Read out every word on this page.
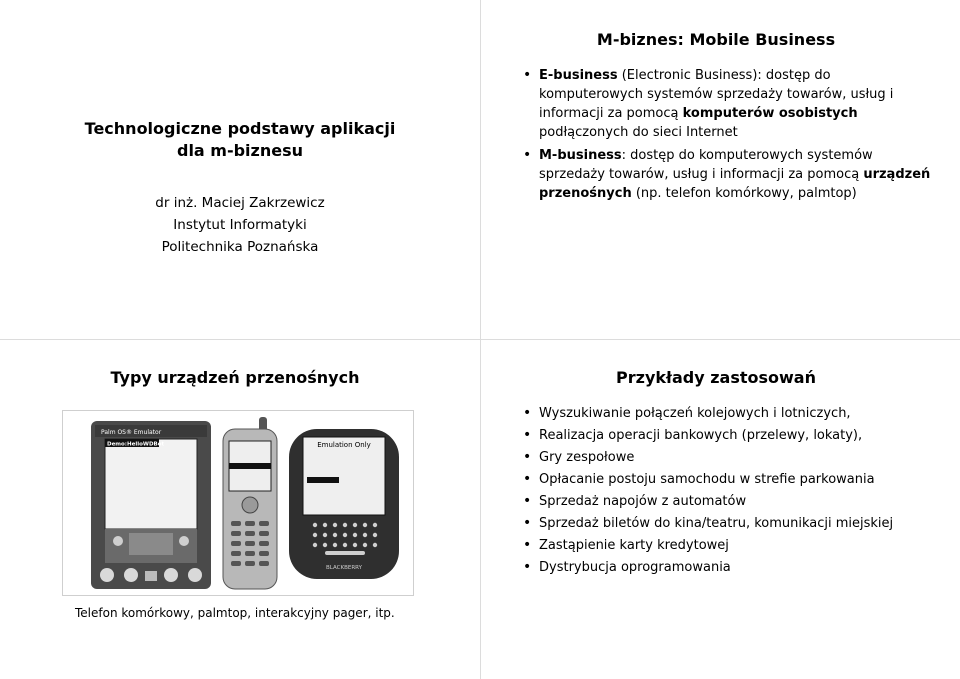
Technologiczne podstawy aplikacji
dla m-biznesu

dr inż. Maciej Zakrzewicz
Instytut Informatyki
Politechnika Poznańska
M-biznes: Mobile Business
• E-business (Electronic Business): dostęp do komputerowych systemów sprzedaży towarów, usług i informacji za pomocą komputerów osobistych podłączonych do sieci Internet
• M-business: dostęp do komputerowych systemów sprzedaży towarów, usług i informacji za pomocą urządzeń przenośnych (np. telefon komórkowy, palmtop)
Typy urządzeń przenośnych
Palm OS® Emulator
Demo:HelloWDBot	Emulation Only
BLACKBERRY
Telefon komórkowy, palmtop, interakcyjny pager, itp.
Przykłady zastosowań
• Wyszukiwanie połączeń kolejowych i lotniczych,
• Realizacja operacji bankowych (przelewy, lokaty),
• Gry zespołowe
• Opłacanie postoju samochodu w strefie parkowania
• Sprzedaż napojów z automatów
• Sprzedaż biletów do kina/teatru, komunikacji miejskiej
• Zastąpienie karty kredytowej
• Dystrybucja oprogramowania
